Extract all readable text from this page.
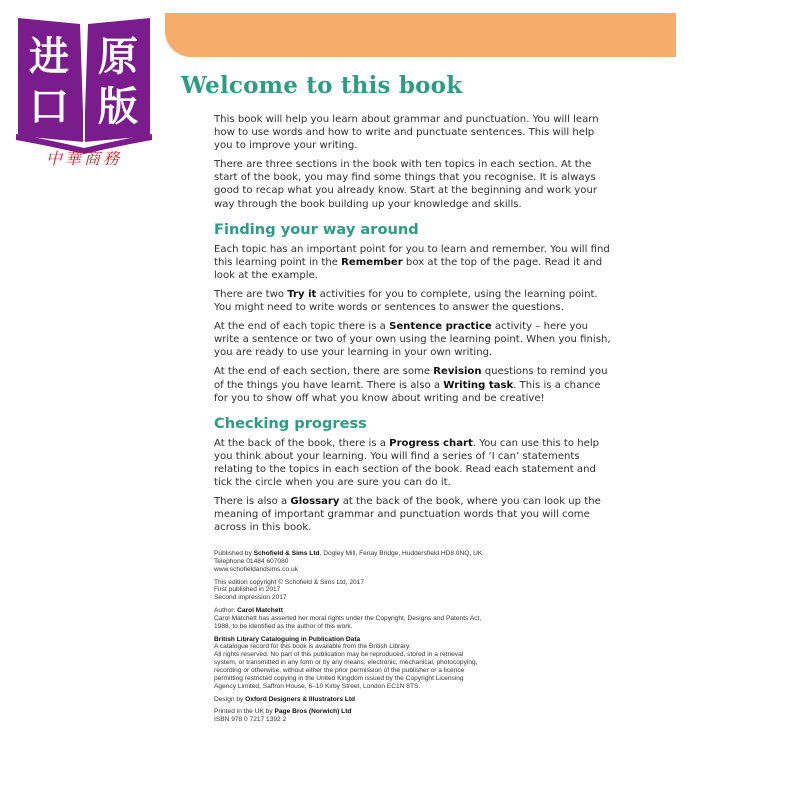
进 原
口 版
中華商務
Welcome to this book

This book will help you learn about grammar and punctuation. You will learn how to use words and how to write and punctuate sentences. This will help you to improve your writing.

There are three sections in the book with ten topics in each section. At the start of the book, you may find some things that you recognise. It is always good to recap what you already know. Start at the beginning and work your way through the book building up your knowledge and skills.

Finding your way around

Each topic has an important point for you to learn and remember. You will find this learning point in the Remember box at the top of the page. Read it and look at the example.

There are two Try it activities for you to complete, using the learning point. You might need to write words or sentences to answer the questions.

At the end of each topic there is a Sentence practice activity – here you write a sentence or two of your own using the learning point. When you finish, you are ready to use your learning in your own writing.

At the end of each section, there are some Revision questions to remind you of the things you have learnt. There is also a Writing task. This is a chance for you to show off what you know about writing and be creative!

Checking progress

At the back of the book, there is a Progress chart. You can use this to help you think about your learning. You will find a series of ‘I can’ statements relating to the topics in each section of the book. Read each statement and tick the circle when you are sure you can do it.

There is also a Glossary at the back of the book, where you can look up the meaning of important grammar and punctuation words that you will come across in this book.

Published by Schofield & Sims Ltd, Dogley Mill, Fenay Bridge, Huddersfield HD8 0NQ, UK
Telephone 01484 607080
www.schofieldandsims.co.uk
This edition copyright © Schofield & Sims Ltd, 2017
First published in 2017
Second impression 2017
Author: Carol Matchett
Carol Matchett has asserted her moral rights under the Copyright, Designs and Patents Act,
1988, to be identified as the author of this work.
British Library Cataloguing in Publication Data
A catalogue record for this book is available from the British Library.
All rights reserved. No part of this publication may be reproduced, stored in a retrieval
system, or transmitted in any form or by any means, electronic, mechanical, photocopying,
recording or otherwise, without either the prior permission of the publisher or a licence
permitting restricted copying in the United Kingdom issued by the Copyright Licensing
Agency Limited, Saffron House, 6–10 Kirby Street, London EC1N 8TS.
Design by Oxford Designers & Illustrators Ltd
Printed in the UK by Page Bros (Norwich) Ltd
ISBN 978 0 7217 1392 2
